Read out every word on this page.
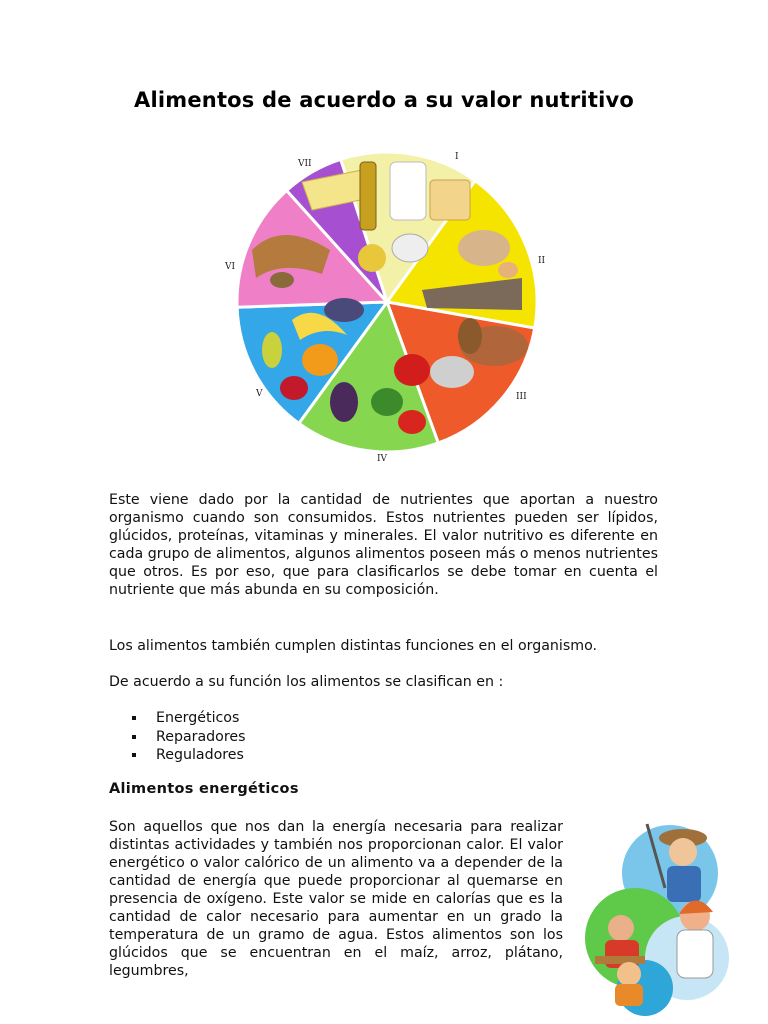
Alimentos de acuerdo a su valor nutritivo
VII
I
II
III
IV
V
VI

Este viene dado por la cantidad de nutrientes que aportan a nuestro organismo cuando son consumidos. Estos nutrientes pueden ser lípidos, glúcidos, proteínas, vitaminas y minerales. El valor nutritivo es diferente en cada grupo de alimentos, algunos alimentos poseen más o menos nutrientes que otros. Es por eso, que para clasificarlos se debe tomar en cuenta el nutriente que más abunda en su composición.

Los alimentos también cumplen distintas funciones en el organismo.

De acuerdo a su función los alimentos se clasifican en :

Energéticos
Reparadores
Reguladores
Alimentos energéticos

Son aquellos que nos dan la energía necesaria para realizar distintas actividades y también nos proporcionan calor. El valor energético o valor calórico de un alimento va a depender de la cantidad de energía que puede proporcionar al quemarse en presencia de oxígeno. Este valor se mide en calorías que es la cantidad de calor necesario para aumentar en un grado la temperatura de un gramo de agua. Estos alimentos son los glúcidos que se encuentran en el maíz, arroz, plátano, legumbres,
